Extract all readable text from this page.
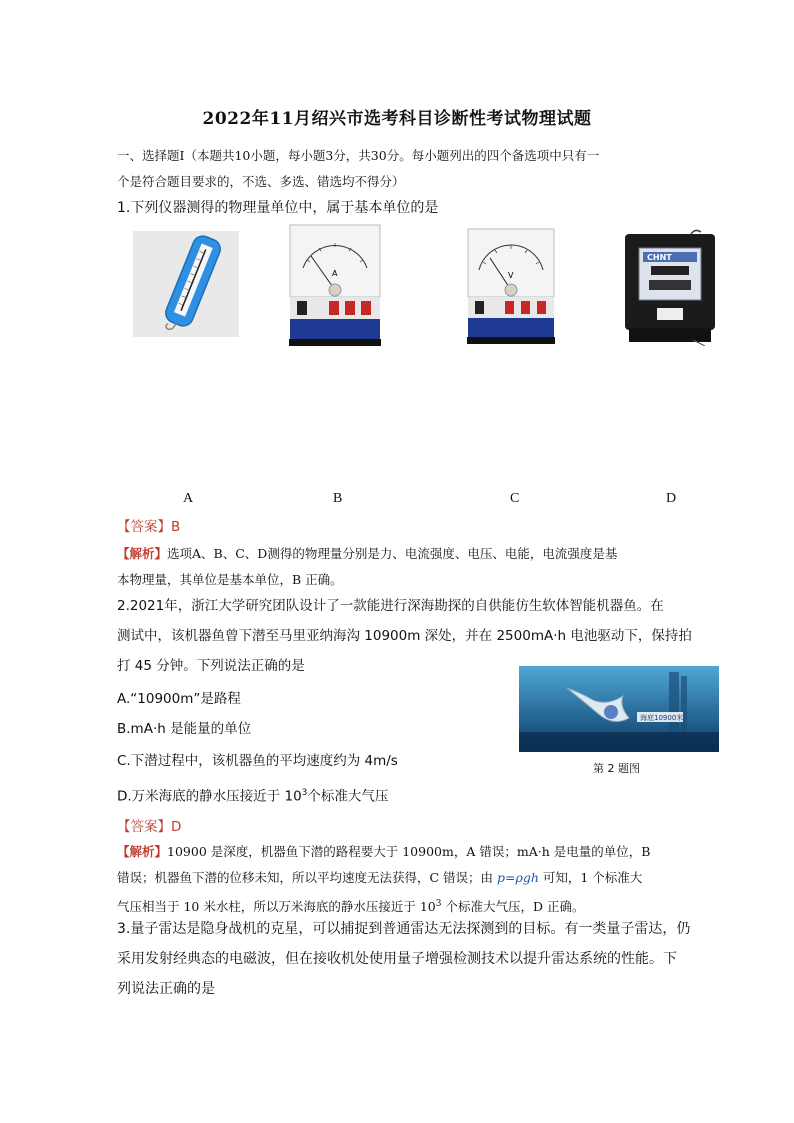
2022年11月绍兴市选考科目诊断性考试物理试题
一、选择题Ⅰ（本题共10小题，每小题3分，共30分。每小题列出的四个备选项中只有一
个是符合题目要求的，不选、多选、错选均不得分）
1.下列仪器测得的物理量单位中，属于基本单位的是
A	V
CHNT
A	B	C	D
【答案】B
【解析】选项A、B、C、D测得的物理量分别是力、电流强度、电压、电能，电流强度是基
本物理量，其单位是基本单位，B 正确。
2.2021年，浙江大学研究团队设计了一款能进行深海勘探的自供能仿生软体智能机器鱼。在
测试中，该机器鱼曾下潜至马里亚纳海沟 10900m 深处，并在 2500mA·h 电池驱动下，保持拍
打 45 分钟。下列说法正确的是
A.“10900m”是路程
B.mA·h 是能量的单位
C.下潜过程中，该机器鱼的平均速度约为 4m/s
D.万米海底的静水压接近于 $10^3$个标准大气压
海底10900米
第 2 题图
【答案】D
【解析】10900 是深度，机器鱼下潜的路程要大于 10900m，A 错误；mA·h 是电量的单位，B
错误；机器鱼下潜的位移未知，所以平均速度无法获得，C 错误；由 p=ρgh 可知，1 个标准大
气压相当于 10 米水柱，所以万米海底的静水压接近于 $10^3$ 个标准大气压，D 正确。
3.量子雷达是隐身战机的克星，可以捕捉到普通雷达无法探测到的目标。有一类量子雷达，仍
采用发射经典态的电磁波，但在接收机处使用量子增强检测技术以提升雷达系统的性能。下
列说法正确的是
